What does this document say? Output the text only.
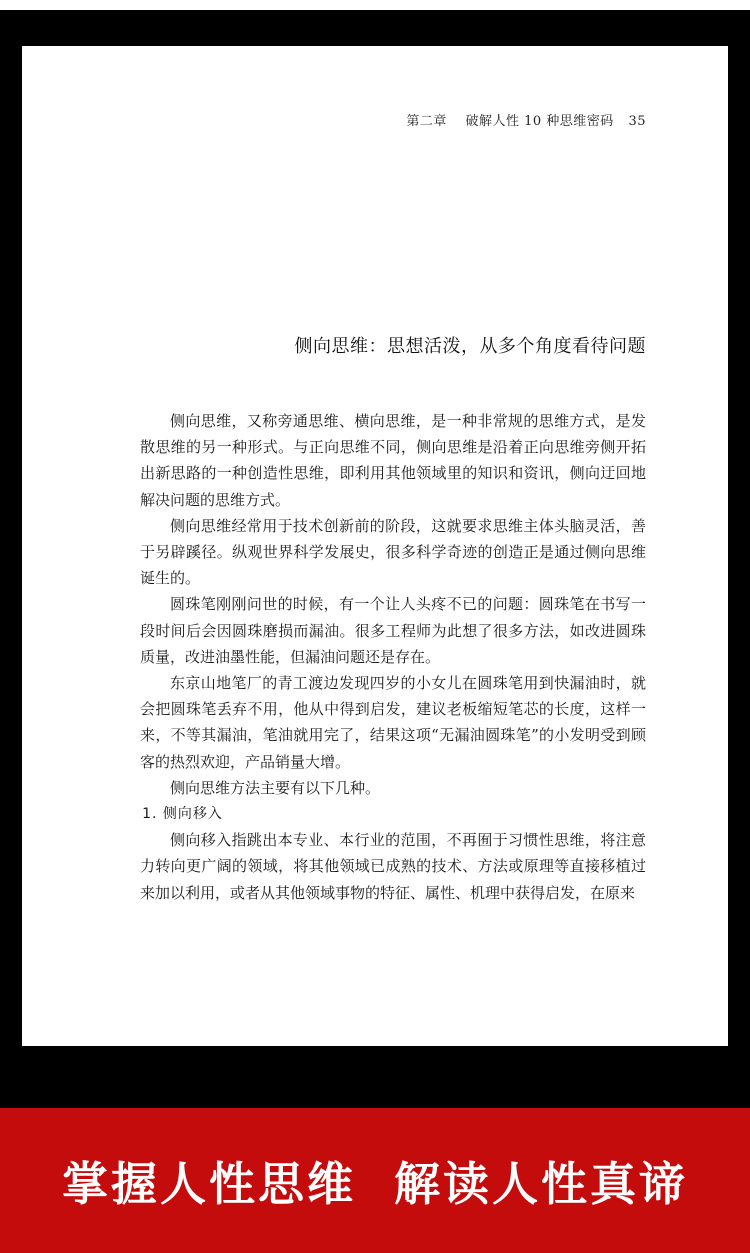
第二章 破解人性 10 种思维密码 35
侧向思维：思想活泼，从多个角度看待问题

侧向思维，又称旁通思维、横向思维，是一种非常规的思维方式，是发散思维的另一种形式。与正向思维不同，侧向思维是沿着正向思维旁侧开拓出新思路的一种创造性思维，即利用其他领域里的知识和资讯，侧向迂回地解决问题的思维方式。

侧向思维经常用于技术创新前的阶段，这就要求思维主体头脑灵活，善于另辟蹊径。纵观世界科学发展史，很多科学奇迹的创造正是通过侧向思维诞生的。

圆珠笔刚刚问世的时候，有一个让人头疼不已的问题：圆珠笔在书写一段时间后会因圆珠磨损而漏油。很多工程师为此想了很多方法，如改进圆珠质量，改进油墨性能，但漏油问题还是存在。

东京山地笔厂的青工渡边发现四岁的小女儿在圆珠笔用到快漏油时，就会把圆珠笔丢弃不用，他从中得到启发，建议老板缩短笔芯的长度，这样一来，不等其漏油，笔油就用完了，结果这项“无漏油圆珠笔”的小发明受到顾客的热烈欢迎，产品销量大增。

侧向思维方法主要有以下几种。

1. 侧向移入

侧向移入指跳出本专业、本行业的范围，不再囿于习惯性思维，将注意力转向更广阔的领域，将其他领域已成熟的技术、方法或原理等直接移植过来加以利用，或者从其他领域事物的特征、属性、机理中获得启发，在原来

掌握人性思维 解读人性真谛
